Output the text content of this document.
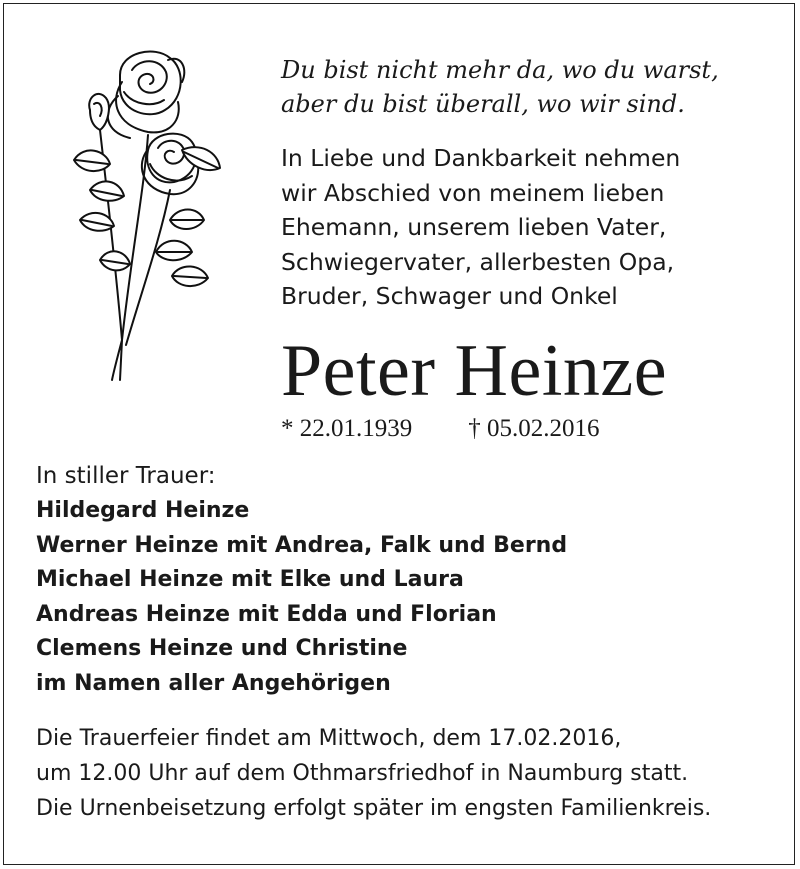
Du bist nicht mehr da, wo du warst,
aber du bist überall, wo wir sind.
In Liebe und Dankbarkeit nehmen
wir Abschied von meinem lieben
Ehemann, unserem lieben Vater,
Schwiegervater, allerbesten Opa,
Bruder, Schwager und Onkel
Peter Heinze
* 22.01.1939 † 05.02.2016
In stiller Trauer:
Hildegard Heinze
Werner Heinze mit Andrea, Falk und Bernd
Michael Heinze mit Elke und Laura
Andreas Heinze mit Edda und Florian
Clemens Heinze und Christine
im Namen aller Angehörigen
Die Trauerfeier findet am Mittwoch, dem 17.02.2016,
um 12.00 Uhr auf dem Othmarsfriedhof in Naumburg statt.
Die Urnenbeisetzung erfolgt später im engsten Familienkreis.
